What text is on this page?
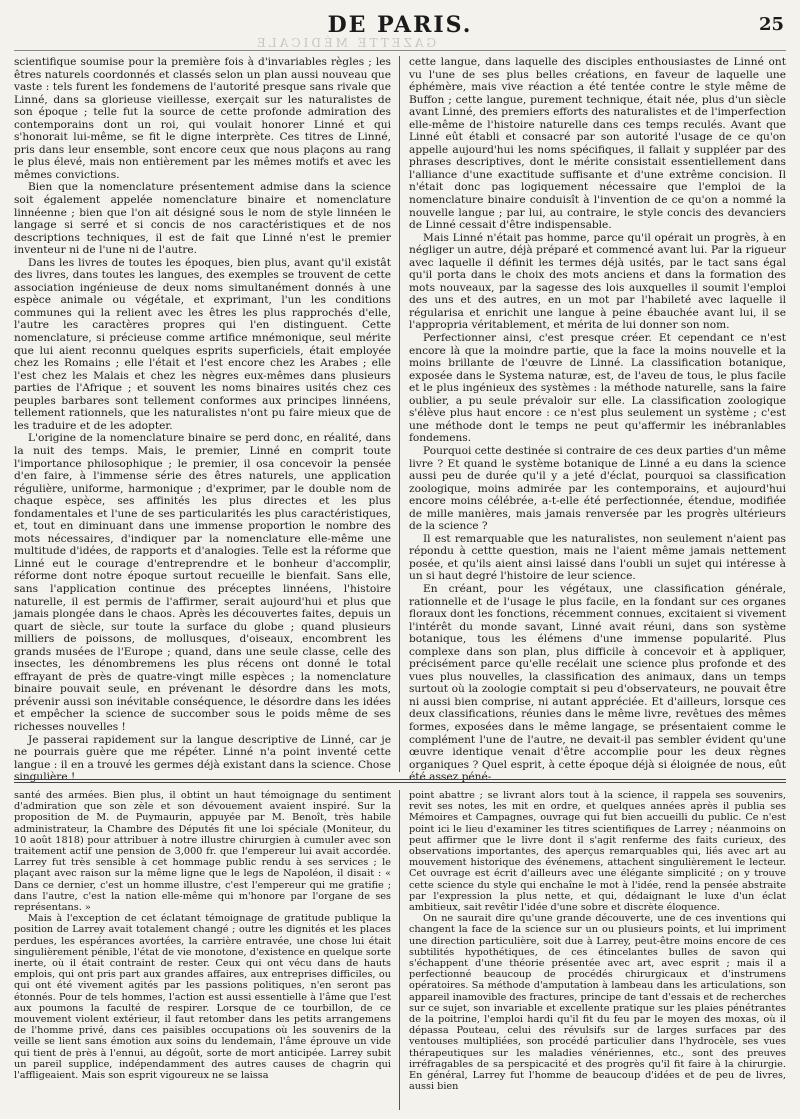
GAZETTE MÉDICALE
DE PARIS.	25

scientifique soumise pour la première fois à d'invariables règles ; les êtres naturels coordonnés et classés selon un plan aussi nouveau que vaste : tels furent les fondemens de l'autorité presque sans rivale que Linné, dans sa glorieuse vieillesse, exerçait sur les naturalistes de son époque ; telle fut la source de cette profonde admiration des contemporains dont un roi, qui voulait honorer Linné et qui s'honorait lui-même, se fit le digne interprète. Ces titres de Linné, pris dans leur ensemble, sont encore ceux que nous plaçons au rang le plus élevé, mais non entièrement par les mêmes motifs et avec les mêmes convictions.

Bien que la nomenclature présentement admise dans la science soit également appelée nomenclature binaire et nomenclature linnéenne ; bien que l'on ait désigné sous le nom de style linnéen le langage si serré et si concis de nos caractéristiques et de nos descriptions techniques, il est de fait que Linné n'est le premier inventeur ni de l'une ni de l'autre.

Dans les livres de toutes les époques, bien plus, avant qu'il existât des livres, dans toutes les langues, des exemples se trouvent de cette association ingénieuse de deux noms simultanément donnés à une espèce animale ou végétale, et exprimant, l'un les conditions communes qui la relient avec les êtres les plus rapprochés d'elle, l'autre les caractères propres qui l'en distinguent. Cette nomenclature, si précieuse comme artifice mnémonique, seul mérite que lui aient reconnu quelques esprits superficiels, était employée chez les Romains ; elle l'était et l'est encore chez les Arabes ; elle l'est chez les Malais et chez les nègres eux-mêmes dans plusieurs parties de l'Afrique ; et souvent les noms binaires usités chez ces peuples barbares sont tellement conformes aux principes linnéens, tellement rationnels, que les naturalistes n'ont pu faire mieux que de les traduire et de les adopter.

L'origine de la nomenclature binaire se perd donc, en réalité, dans la nuit des temps. Mais, le premier, Linné en comprit toute l'importance philosophique ; le premier, il osa concevoir la pensée d'en faire, à l'immense série des êtres naturels, une application régulière, uniforme, harmonique ; d'exprimer, par le double nom de chaque espèce, ses affinités les plus directes et les plus fondamentales et l'une de ses particularités les plus caractéristiques, et, tout en diminuant dans une immense proportion le nombre des mots nécessaires, d'indiquer par la nomenclature elle-même une multitude d'idées, de rapports et d'analogies. Telle est la réforme que Linné eut le courage d'entreprendre et le bonheur d'accomplir, réforme dont notre époque surtout recueille le bienfait. Sans elle, sans l'application continue des préceptes linnéens, l'histoire naturelle, il est permis de l'affirmer, serait aujourd'hui et plus que jamais plongée dans le chaos. Après les découvertes faites, depuis un quart de siècle, sur toute la surface du globe ; quand plusieurs milliers de poissons, de mollusques, d'oiseaux, encombrent les grands musées de l'Europe ; quand, dans une seule classe, celle des insectes, les dénombremens les plus récens ont donné le total effrayant de près de quatre-vingt mille espèces ; la nomenclature binaire pouvait seule, en prévenant le désordre dans les mots, prévenir aussi son inévitable conséquence, le désordre dans les idées et empêcher la science de succomber sous le poids même de ses richesses nouvelles !

Je passerai rapidement sur la langue descriptive de Linné, car je ne pourrais guère que me répéter. Linné n'a point inventé cette langue : il en a trouvé les germes déjà existant dans la science. Chose singulière !

cette langue, dans laquelle des disciples enthousiastes de Linné ont vu l'une de ses plus belles créations, en faveur de laquelle une éphémère, mais vive réaction a été tentée contre le style même de Buffon ; cette langue, purement technique, était née, plus d'un siècle avant Linné, des premiers efforts des naturalistes et de l'imperfection elle-même de l'histoire naturelle dans ces temps reculés. Avant que Linné eût établi et consacré par son autorité l'usage de ce qu'on appelle aujourd'hui les noms spécifiques, il fallait y suppléer par des phrases descriptives, dont le mérite consistait essentiellement dans l'alliance d'une exactitude suffisante et d'une extrême concision. Il n'était donc pas logiquement nécessaire que l'emploi de la nomenclature binaire conduisît à l'invention de ce qu'on a nommé la nouvelle langue ; par lui, au contraire, le style concis des devanciers de Linné cessait d'être indispensable.

Mais Linné n'était pas homme, parce qu'il opérait un progrès, à en négliger un autre, déjà préparé et commencé avant lui. Par la rigueur avec laquelle il définit les termes déjà usités, par le tact sans égal qu'il porta dans le choix des mots anciens et dans la formation des mots nouveaux, par la sagesse des lois auxquelles il soumit l'emploi des uns et des autres, en un mot par l'habileté avec laquelle il régularisa et enrichit une langue à peine ébauchée avant lui, il se l'appropria véritablement, et mérita de lui donner son nom.

Perfectionner ainsi, c'est presque créer. Et cependant ce n'est encore là que la moindre partie, que la face la moins nouvelle et la moins brillante de l'œuvre de Linné. La classification botanique, exposée dans le Systema naturæ, est, de l'aveu de tous, le plus facile et le plus ingénieux des systèmes : la méthode naturelle, sans la faire oublier, a pu seule prévaloir sur elle. La classification zoologique s'élève plus haut encore : ce n'est plus seulement un système ; c'est une méthode dont le temps ne peut qu'affermir les inébranlables fondemens.

Pourquoi cette destinée si contraire de ces deux parties d'un même livre ? Et quand le système botanique de Linné a eu dans la science aussi peu de durée qu'il y a jeté d'éclat, pourquoi sa classification zoologique, moins admirée par les contemporains, et aujourd'hui encore moins célébrée, a-t-elle été perfectionnée, étendue, modifiée de mille manières, mais jamais renversée par les progrès ultérieurs de la science ?

Il est remarquable que les naturalistes, non seulement n'aient pas répondu à cettte question, mais ne l'aient même jamais nettement posée, et qu'ils aient ainsi laissé dans l'oubli un sujet qui intéresse à un si haut degré l'histoire de leur science.

En créant, pour les végétaux, une classification générale, rationnelle et de l'usage le plus facile, en la fondant sur ces organes floraux dont les fonctions, récemment connues, excitaient si vivement l'intérêt du monde savant, Linné avait réuni, dans son système botanique, tous les élémens d'une immense popularité. Plus complexe dans son plan, plus difficile à concevoir et à appliquer, précisément parce qu'elle recélait une science plus profonde et des vues plus nouvelles, la classification des animaux, dans un temps surtout où la zoologie comptait si peu d'observateurs, ne pouvait être ni aussi bien comprise, ni autant appréciée. Et d'ailleurs, lorsque ces deux classifications, réunies dans le même livre, revêtues des mêmes formes, exposées dans le même langage, se présentaient comme le complément l'une de l'autre, ne devait-il pas sembler évident qu'une œuvre identique venait d'être accomplie pour les deux règnes organiques ? Quel esprit, à cette époque déjà si éloignée de nous, eût été assez péné-

santé des armées. Bien plus, il obtint un haut témoignage du sentiment d'admiration que son zèle et son dévouement avaient inspiré. Sur la proposition de M. de Puymaurin, appuyée par M. Benoît, très habile administrateur, la Chambre des Députés fit une loi spéciale (Moniteur, du 10 août 1818) pour attribuer à notre illustre chirurgien à cumuler avec son traitement actif une pension de 3,000 fr. que l'empereur lui avait accordée. Larrey fut très sensible à cet hommage public rendu à ses services ; le plaçant avec raison sur la même ligne que le legs de Napoléon, il disait : « Dans ce dernier, c'est un homme illustre, c'est l'empereur qui me gratifie ; dans l'autre, c'est la nation elle-même qui m'honore par l'organe de ses représentans. »

Mais à l'exception de cet éclatant témoignage de gratitude publique la position de Larrey avait totalement changé ; outre les dignités et les places perdues, les espérances avortées, la carrière entravée, une chose lui était singulièrement pénible, l'état de vie monotone, d'existence en quelque sorte inerte, où il était contraint de rester. Ceux qui ont vécu dans de hauts emplois, qui ont pris part aux grandes affaires, aux entreprises difficiles, ou qui ont été vivement agités par les passions politiques, n'en seront pas étonnés. Pour de tels hommes, l'action est aussi essentielle à l'âme que l'est aux poumons la faculté de respirer. Lorsque de ce tourbillon, de ce mouvement violent extérieur, il faut retomber dans les petits arrangemens de l'homme privé, dans ces paisibles occupations où les souvenirs de la veille se lient sans émotion aux soins du lendemain, l'âme éprouve un vide qui tient de près à l'ennui, au dégoût, sorte de mort anticipée. Larrey subit un pareil supplice, indépendamment des autres causes de chagrin qui l'affligeaient. Mais son esprit vigoureux ne se laissa

point abattre ; se livrant alors tout à la science, il rappela ses souvenirs, revit ses notes, les mit en ordre, et quelques années après il publia ses Mémoires et Campagnes, ouvrage qui fut bien accueilli du public. Ce n'est point ici le lieu d'examiner les titres scientifiques de Larrey ; néanmoins on peut affirmer que le livre dont il s'agit renferme des faits curieux, des observations importantes, des aperçus remarquables qui, liés avec art au mouvement historique des événemens, attachent singulièrement le lecteur. Cet ouvrage est écrit d'ailleurs avec une élégante simplicité ; on y trouve cette science du style qui enchaîne le mot à l'idée, rend la pensée abstraite par l'expression la plus nette, et qui, dédaignant le luxe d'un éclat ambitieux, sait revêtir l'idée d'une sobre et discrète éloquence.

On ne saurait dire qu'une grande découverte, une de ces inventions qui changent la face de la science sur un ou plusieurs points, et lui impriment une direction particulière, soit due à Larrey, peut-être moins encore de ces subtilités hypothétiques, de ces étincelantes bulles de savon qui s'échappent d'une théorie présentée avec art, avec esprit ; mais il a perfectionné beaucoup de procédés chirurgicaux et d'instrumens opératoires. Sa méthode d'amputation à lambeau dans les articulations, son appareil inamovible des fractures, principe de tant d'essais et de recherches sur ce sujet, son invariable et excellente pratique sur les plaies pénétrantes de la poitrine, l'emploi hardi qu'il fit du feu par le moyen des moxas, où il dépassa Pouteau, celui des révulsifs sur de larges surfaces par des ventouses multipliées, son procédé particulier dans l'hydrocèle, ses vues thérapeutiques sur les maladies vénériennes, etc., sont des preuves irréfragables de sa perspicacité et des progrès qu'il fit faire à la chirurgie. En général, Larrey fut l'homme de beaucoup d'idées et de peu de livres, aussi bien
